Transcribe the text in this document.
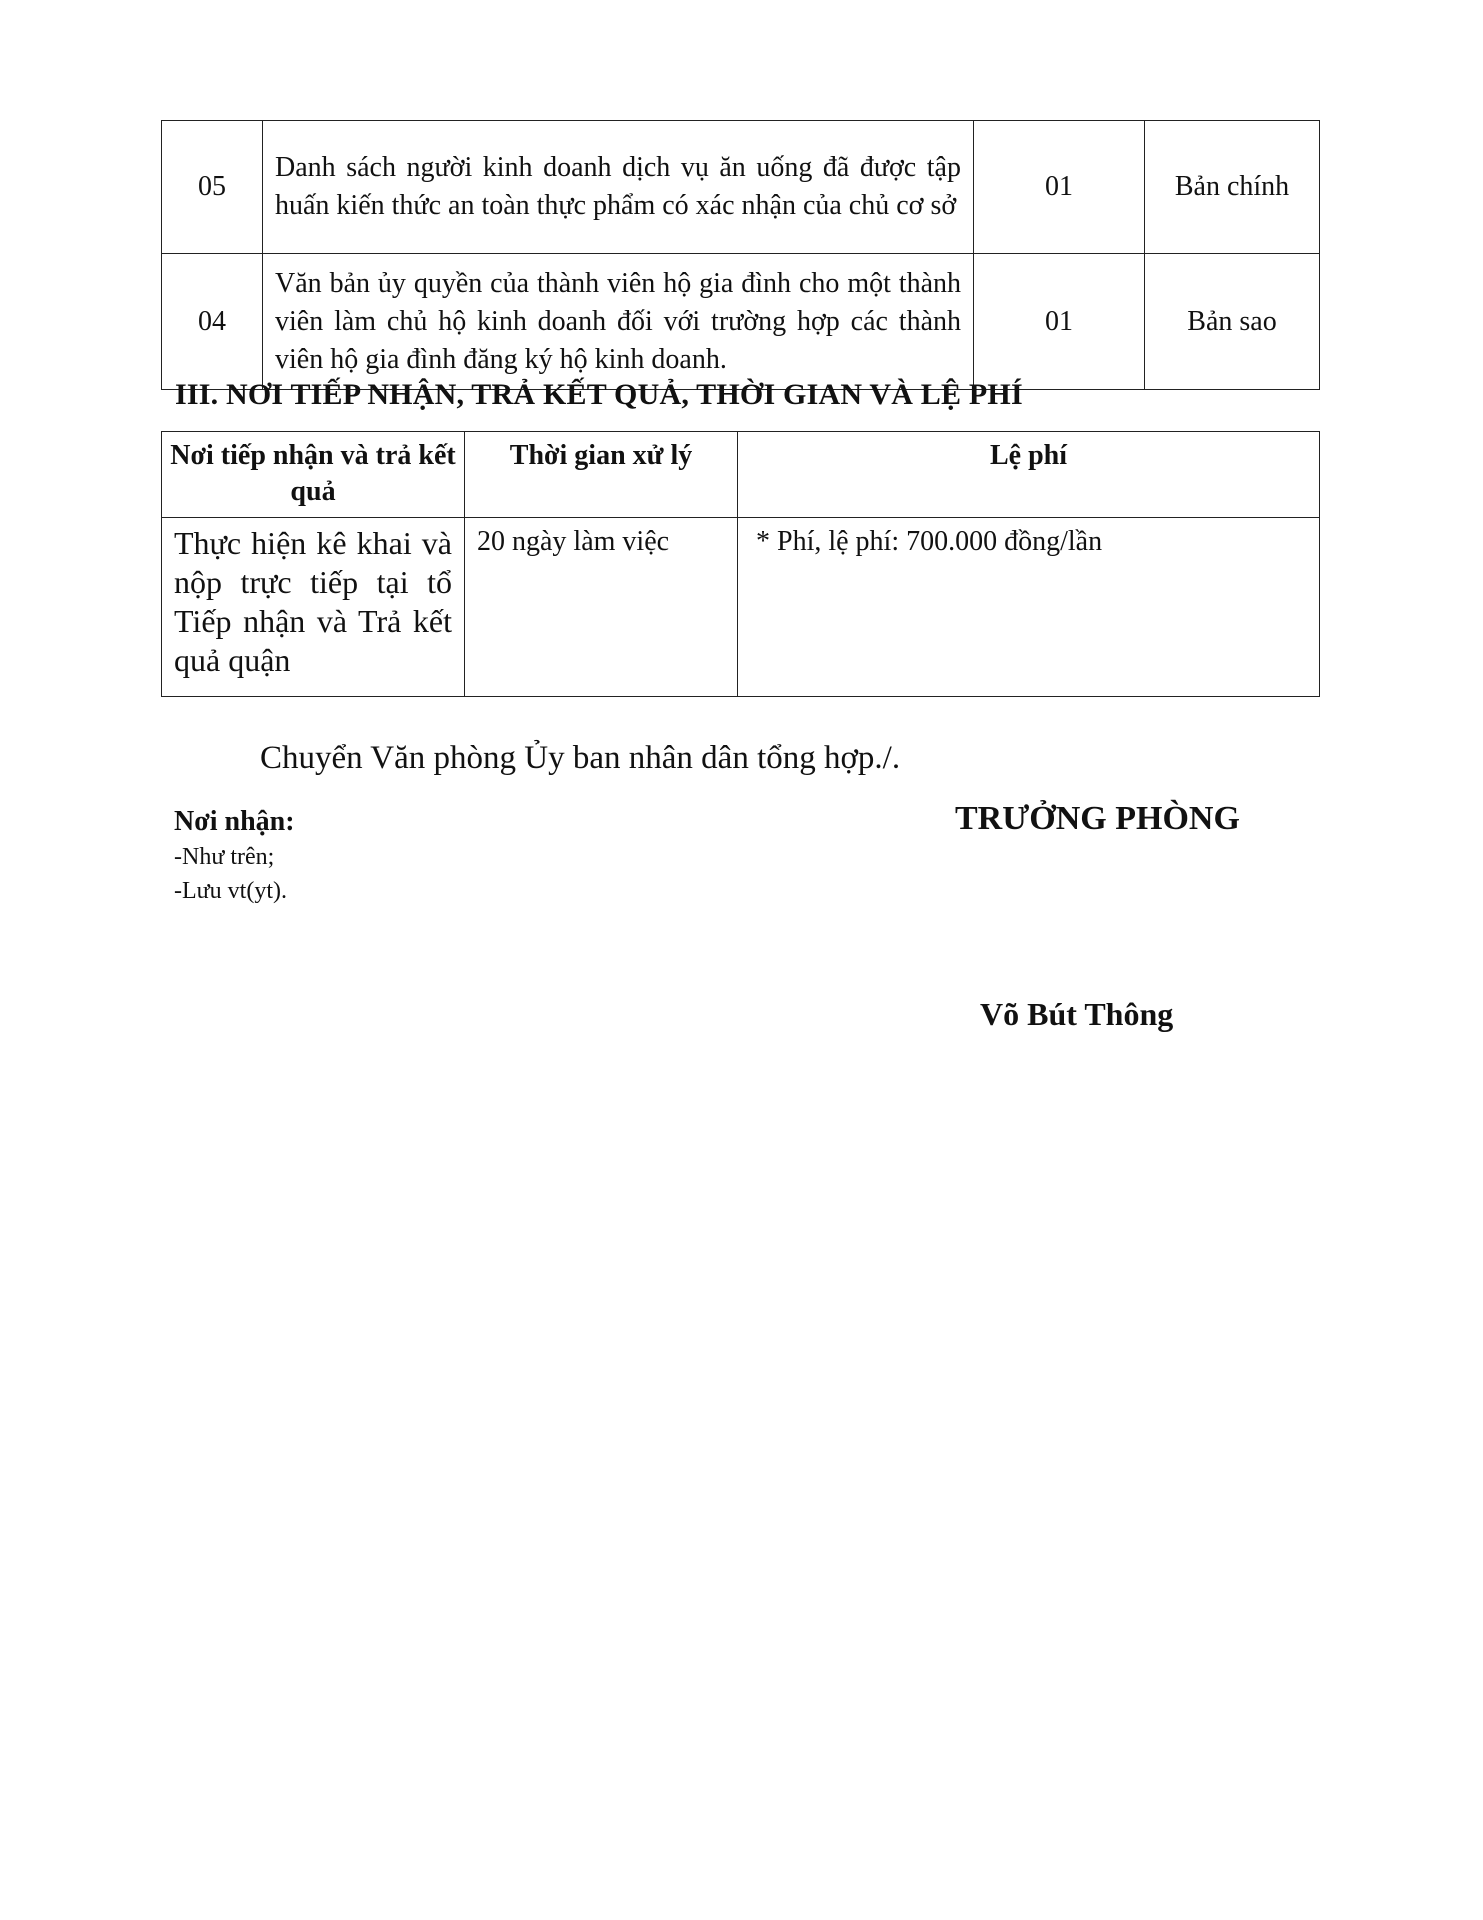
05	Danh sách người kinh doanh dịch vụ ăn uống đã được tập huấn kiến thức an toàn thực phẩm có xác nhận của chủ cơ sở	01	Bản chính
04	Văn bản ủy quyền của thành viên hộ gia đình cho một thành viên làm chủ hộ kinh doanh đối với trường hợp các thành viên hộ gia đình đăng ký hộ kinh doanh.	01	Bản sao
III. NƠI TIẾP NHẬN, TRẢ KẾT QUẢ, THỜI GIAN VÀ LỆ PHÍ
Nơi tiếp nhận và trả kết quả	Thời gian xử lý	Lệ phí
Thực hiện kê khai và nộp trực tiếp tại tổ Tiếp nhận và Trả kết quả quận	20 ngày làm việc	* Phí, lệ phí: 700.000 đồng/lần
Chuyển Văn phòng Ủy ban nhân dân tổng hợp./.
Nơi nhận:
-Như trên;
-Lưu vt(yt).
TRƯỞNG PHÒNG
Võ Bút Thông
